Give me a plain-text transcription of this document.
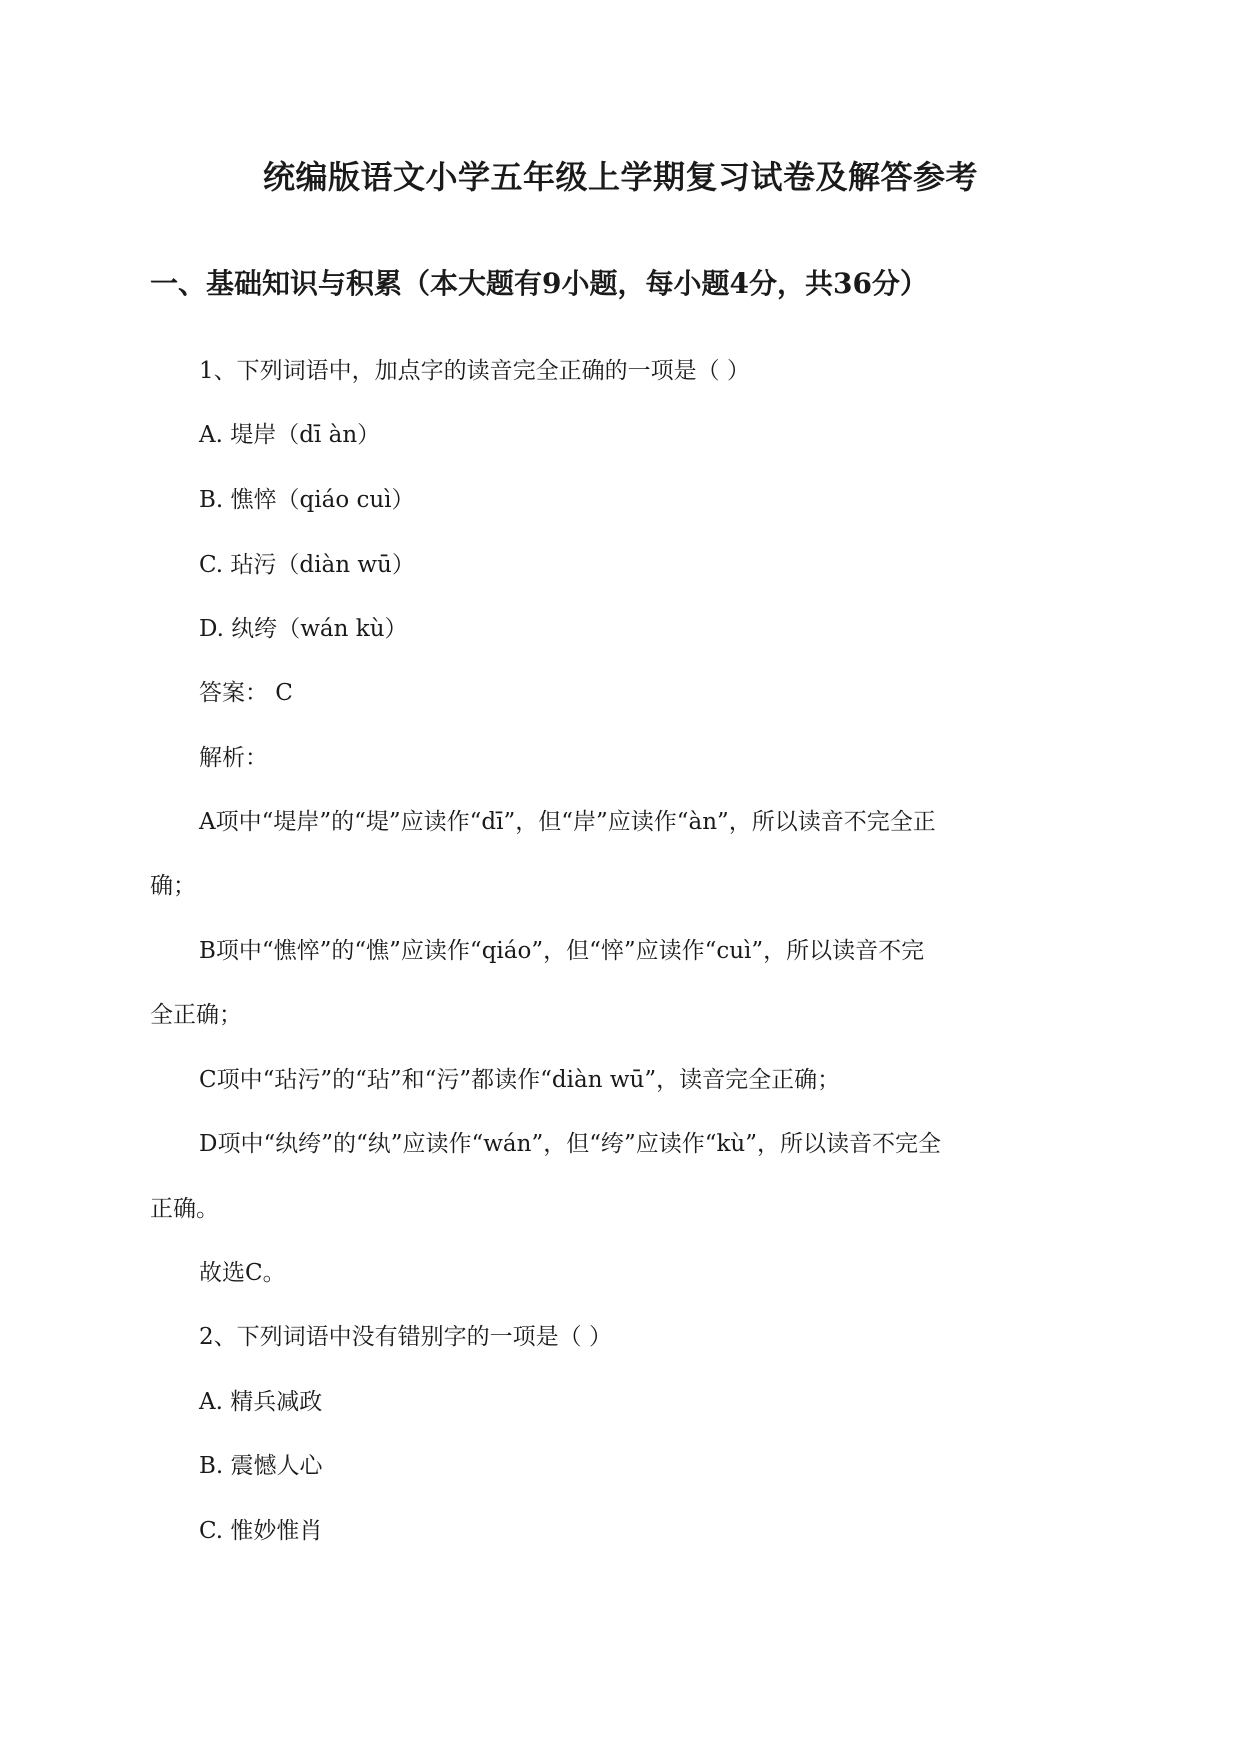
统编版语文小学五年级上学期复习试卷及解答参考
一、基础知识与积累（本大题有9小题，每小题4分，共36分）
1、下列词语中，加点字的读音完全正确的一项是（ ）
A. 堤岸（dī àn）
B. 憔悴（qiáo cuì）
C. 玷污（diàn wū）
D. 纨绔（wán kù）
答案： C
解析：
A项中“堤岸”的“堤”应读作“dī”，但“岸”应读作“àn”，所以读音不完全正
确；
B项中“憔悴”的“憔”应读作“qiáo”，但“悴”应读作“cuì”，所以读音不完
全正确；
C项中“玷污”的“玷”和“污”都读作“diàn wū”，读音完全正确；
D项中“纨绔”的“纨”应读作“wán”，但“绔”应读作“kù”，所以读音不完全
正确。
故选C。
2、下列词语中没有错别字的一项是（ ）
A. 精兵减政
B. 震憾人心
C. 惟妙惟肖
